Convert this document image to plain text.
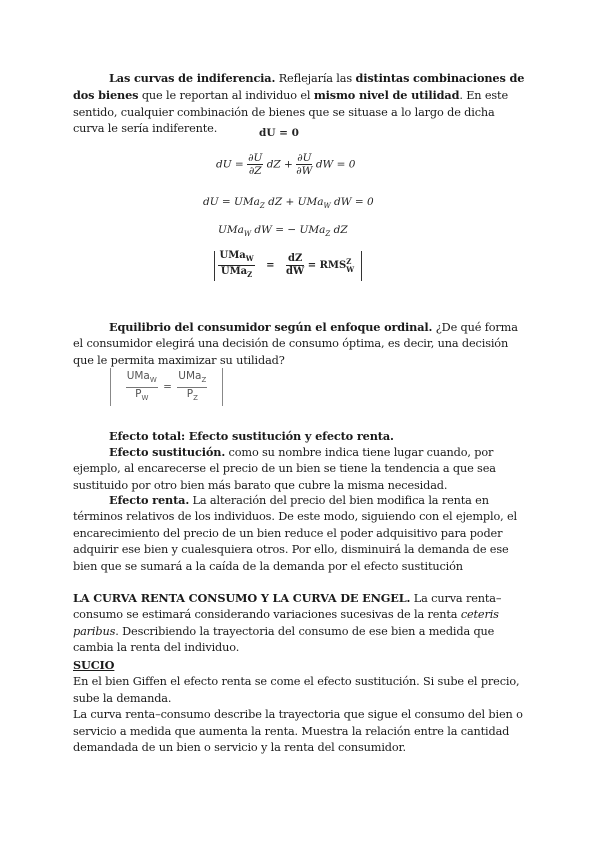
Las curvas de indiferencia. Reflejaría las distintas combinaciones de dos bienes que le reportan al individuo el mismo nivel de utilidad. En este sentido, cualquier combinación de bienes que se situase a lo largo de dicha curva le sería indiferente.	dU = 0
dU = $\frac{\partial U}{\partial Z}$ dZ + $\frac{\partial U}{\partial W}$ dW = 0
dU = UMa$_Z$ dZ + UMa$_W$ dW = 0
UMa$_W$ dW = − UMa$_Z$ dZ

$\frac{UMa_W}{UMa_Z} = \frac{dZ}{dW}$ = RMS Z
W

Equilibrio del consumidor según el enfoque ordinal. ¿De qué forma el consumidor elegirá una decisión de consumo óptima, es decir, una decisión que le permita maximizar su utilidad?

$\frac{UMa_W}{P_W} = \frac{UMa_Z}{P_Z}$

Efecto total: Efecto sustitución y efecto renta.

Efecto sustitución. como su nombre indica tiene lugar cuando, por ejemplo, al encarecerse el precio de un bien se tiene la tendencia a que sea sustituido por otro bien más barato que cubre la misma necesidad.

Efecto renta. La alteración del precio del bien modifica la renta en términos relativos de los individuos. De este modo, siguiendo con el ejemplo, el encarecimiento del precio de un bien reduce el poder adquisitivo para poder adquirir ese bien y cualesquiera otros. Por ello, disminuirá la demanda de ese bien que se sumará a la caída de la demanda por el efecto sustitución

LA CURVA RENTA CONSUMO Y LA CURVA DE ENGEL. La curva renta–consumo se estimará considerando variaciones sucesivas de la renta ceteris paribus. Describiendo la trayectoria del consumo de ese bien a medida que cambia la renta del individuo.

SUCIO
En el bien Giffen el efecto renta se come el efecto sustitución. Si sube el precio, sube la demanda.
La curva renta–consumo describe la trayectoria que sigue el consumo del bien o servicio a medida que aumenta la renta. Muestra la relación entre la cantidad demandada de un bien o servicio y la renta del consumidor.
